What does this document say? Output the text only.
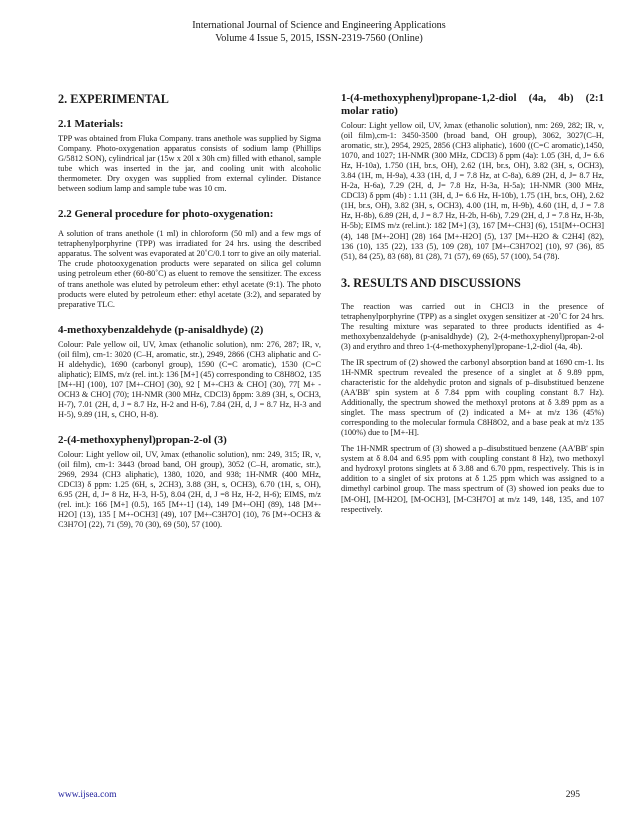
International Journal of Science and Engineering Applications
Volume 4 Issue 5, 2015, ISSN-2319-7560 (Online)
2. EXPERIMENTAL
2.1 Materials:
TPP was obtained from Fluka Company. trans anethole was supplied by Sigma Company. Photo-oxygenation apparatus consists of sodium lamp (Phillips G/5812 SON), cylindrical jar (15w x 20l x 30h cm) filled with ethanol, sample tube which was inserted in the jar, and cooling unit with alcoholic thermometer. Dry oxygen was supplied from external cylinder. Distance between sodium lamp and sample tube was 10 cm.
2.2 General procedure for photo-oxygenation:
A solution of trans anethole (1 ml) in chloroform (50 ml) and a few mgs of tetraphenylporphyrine (TPP) was irradiated for 24 hrs. using the described apparatus. The solvent was evaporated at 20˚C/0.1 torr to give an oily material. The crude photooxygenation products were separated on silica gel column using petroleum ether (60-80˚C) as eluent to remove the sensitizer. The excess of trans anethole was eluted by petroleum ether: ethyl acetate (9:1). The photo products were eluted by petroleum ether: ethyl acetate (3:2), and separated by preparative TLC.
4-methoxybenzaldehyde (p-anisaldhyde) (2)
Colour: Pale yellow oil, UV, λmax (ethanolic solution), nm: 276, 287; IR, ν, (oil film), cm-1: 3020 (C–H, aromatic, str.), 2949, 2866 (CH3 aliphatic and C-H aldehydic), 1690 (carbonyl group), 1590 (C=C aromatic), 1530 (C=C aliphatic); EIMS, m/z (rel. int.): 136 [M+] (45) corresponding to C8H8O2, 135 [M+-H] (100), 107 [M+-CHO] (30), 92 [ M+-CH3 & CHO] (30), 77[ M+ - OCH3 & CHO] (70); 1H-NMR (300 MHz, CDCl3) δppm: 3.89 (3H, s, OCH3, H-7), 7.01 (2H, d, J = 8.7 Hz, H-2 and H-6), 7.84 (2H, d, J = 8.7 Hz, H-3 and H-5), 9.89 (1H, s, CHO, H-8).
2-(4-methoxyphenyl)propan-2-ol (3)
Colour: Light yellow oil, UV, λmax (ethanolic solution), nm: 249, 315; IR, ν, (oil film), cm-1: 3443 (broad band, OH group), 3052 (C–H, aromatic, str.), 2969, 2934 (CH3 aliphatic), 1380, 1020, and 938; 1H-NMR (400 MHz, CDCl3) δ ppm: 1.25 (6H, s, 2CH3), 3.88 (3H, s, OCH3), 6.70 (1H, s, OH), 6.95 (2H, d, J= 8 Hz, H-3, H-5), 8.04 (2H, d, J =8 Hz, H-2, H-6); EIMS, m/z (rel. int.): 166 [M+] (0.5), 165 [M+-1] (14), 149 [M+-OH] (89), 148 [M+-H2O] (13), 135 [ M+-OCH3] (49), 107 [M+-C3H7O] (10), 76 [M+-OCH3 & C3H7O] (22), 71 (59), 70 (30), 69 (50), 57 (100).
1-(4-methoxyphenyl)propane-1,2-diol (4a, 4b) (2:1 molar ratio)
Colour: Light yellow oil, UV, λmax (ethanolic solution), nm: 269, 282; IR, ν, (oil film),cm-1: 3450-3500 (broad band, OH group), 3062, 3027(C–H, aromatic, str.), 2954, 2925, 2856 (CH3 aliphatic), 1600 ((C=C aromatic),1450, 1070, and 1027; 1H-NMR (300 MHz, CDCl3) δ ppm (4a): 1.05 (3H, d, J= 6.6 Hz, H-10a), 1.750 (1H, br.s, OH), 2.62 (1H, br.s, OH), 3.82 (3H, s, OCH3), 3.84 (1H, m, H-9a), 4.33 (1H, d, J = 7.8 Hz, at C-8a), 6.89 (2H, d, J= 8.7 Hz, H-2a, H-6a), 7.29 (2H, d, J= 7.8 Hz, H-3a, H-5a); 1H-NMR (300 MHz, CDCl3) δ ppm (4b) : 1.11 (3H, d, J= 6.6 Hz, H-10b), 1.75 (1H, br.s, OH), 2.62 (1H, br.s, OH), 3.82 (3H, s, OCH3), 4.00 (1H, m, H-9b), 4.60 (1H, d, J = 7.8 Hz, H-8b), 6.89 (2H, d, J = 8.7 Hz, H-2b, H-6b), 7.29 (2H, d, J = 7.8 Hz, H-3b, H-5b); EIMS m/z (rel.int.): 182 [M+] (3), 167 [M+-CH3] (6), 151[M+-OCH3] (4), 148 [M+-2OH] (28) 164 [M+-H2O] (5), 137 [M+-H2O & C2H4] (82), 136 (10), 135 (22), 133 (5), 109 (28), 107 [M+-C3H7O2] (10), 97 (36), 85 (51), 84 (25), 83 (68), 81 (28), 71 (57), 69 (65), 57 (100), 54 (78).
3. RESULTS AND DISCUSSIONS
The reaction was carried out in CHCl3 in the presence of tetraphenylporphyrine (TPP) as a singlet oxygen sensitizer at -20˚C for 24 hrs. The resulting mixture was separated to three products identified as 4-methoxybenzaldehyde (p-anisaldhyde) (2), 2-(4-methoxyphenyl)propan-2-ol (3) and erythro and threo 1-(4-methoxyphenyl)propane-1,2-diol (4a, 4b).
The IR spectrum of (2) showed the carbonyl absorption band at 1690 cm-1. Its 1H-NMR spectrum revealed the presence of a singlet at δ 9.89 ppm, characteristic for the aldehydic proton and signals of p–disubstitued benzene (AA'BB' spin system at δ 7.84 ppm with coupling constant 8.7 Hz). Additionally, the spectrum showed the methoxyl protons at δ 3.89 ppm as a singlet. The mass spectrum of (2) indicated a M+ at m/z 136 (45%) corresponding to the molecular formula C8H8O2, and a base peak at m/z 135 (100%) due to [M+-H].
The 1H-NMR spectrum of (3) showed a p–disubstitued benzene (AA'BB' spin system at δ 8.04 and 6.95 ppm with coupling constant 8 Hz), two methoxyl and hydroxyl protons singlets at δ 3.88 and 6.70 ppm, respectively. This is in addition to a singlet of six protons at δ 1.25 ppm which was assigned to a dimethyl carbinol group. The mass spectrum of (3) showed ion peaks due to [M-OH], [M-H2O], [M-OCH3], [M-C3H7O] at m/z 149, 148, 135, and 107 respectively.
www.ijsea.com	295
